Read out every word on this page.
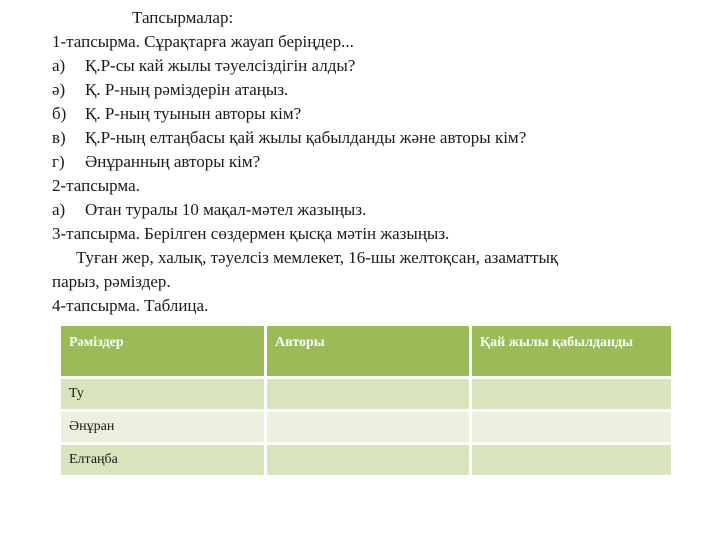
Тапсырмалар:
1-тапсырма. Сұрақтарға жауап беріңдер...
а)	Қ.Р-сы кай жылы тәуелсіздігін алды?
ә)	Қ. Р-ның рәміздерін атаңыз.
б)	Қ. Р-ның туынын авторы кім?
в)	Қ.Р-ның елтаңбасы қай жылы қабылданды және авторы кім?
г)	Әнұранның авторы кім?
2-тапсырма.
а)	Отан туралы 10 мақал-мәтел жазыңыз.
3-тапсырма. Берілген сөздермен қысқа мәтін жазыңыз.
Туған жер, халық, тәуелсіз мемлекет, 16-шы желтоқсан, азаматтық
парыз, рәміздер.
4-тапсырма. Таблица.
Рәміздер	Авторы	Қай жылы қабылданды
Ту		
Әнұран		
Елтаңба		
